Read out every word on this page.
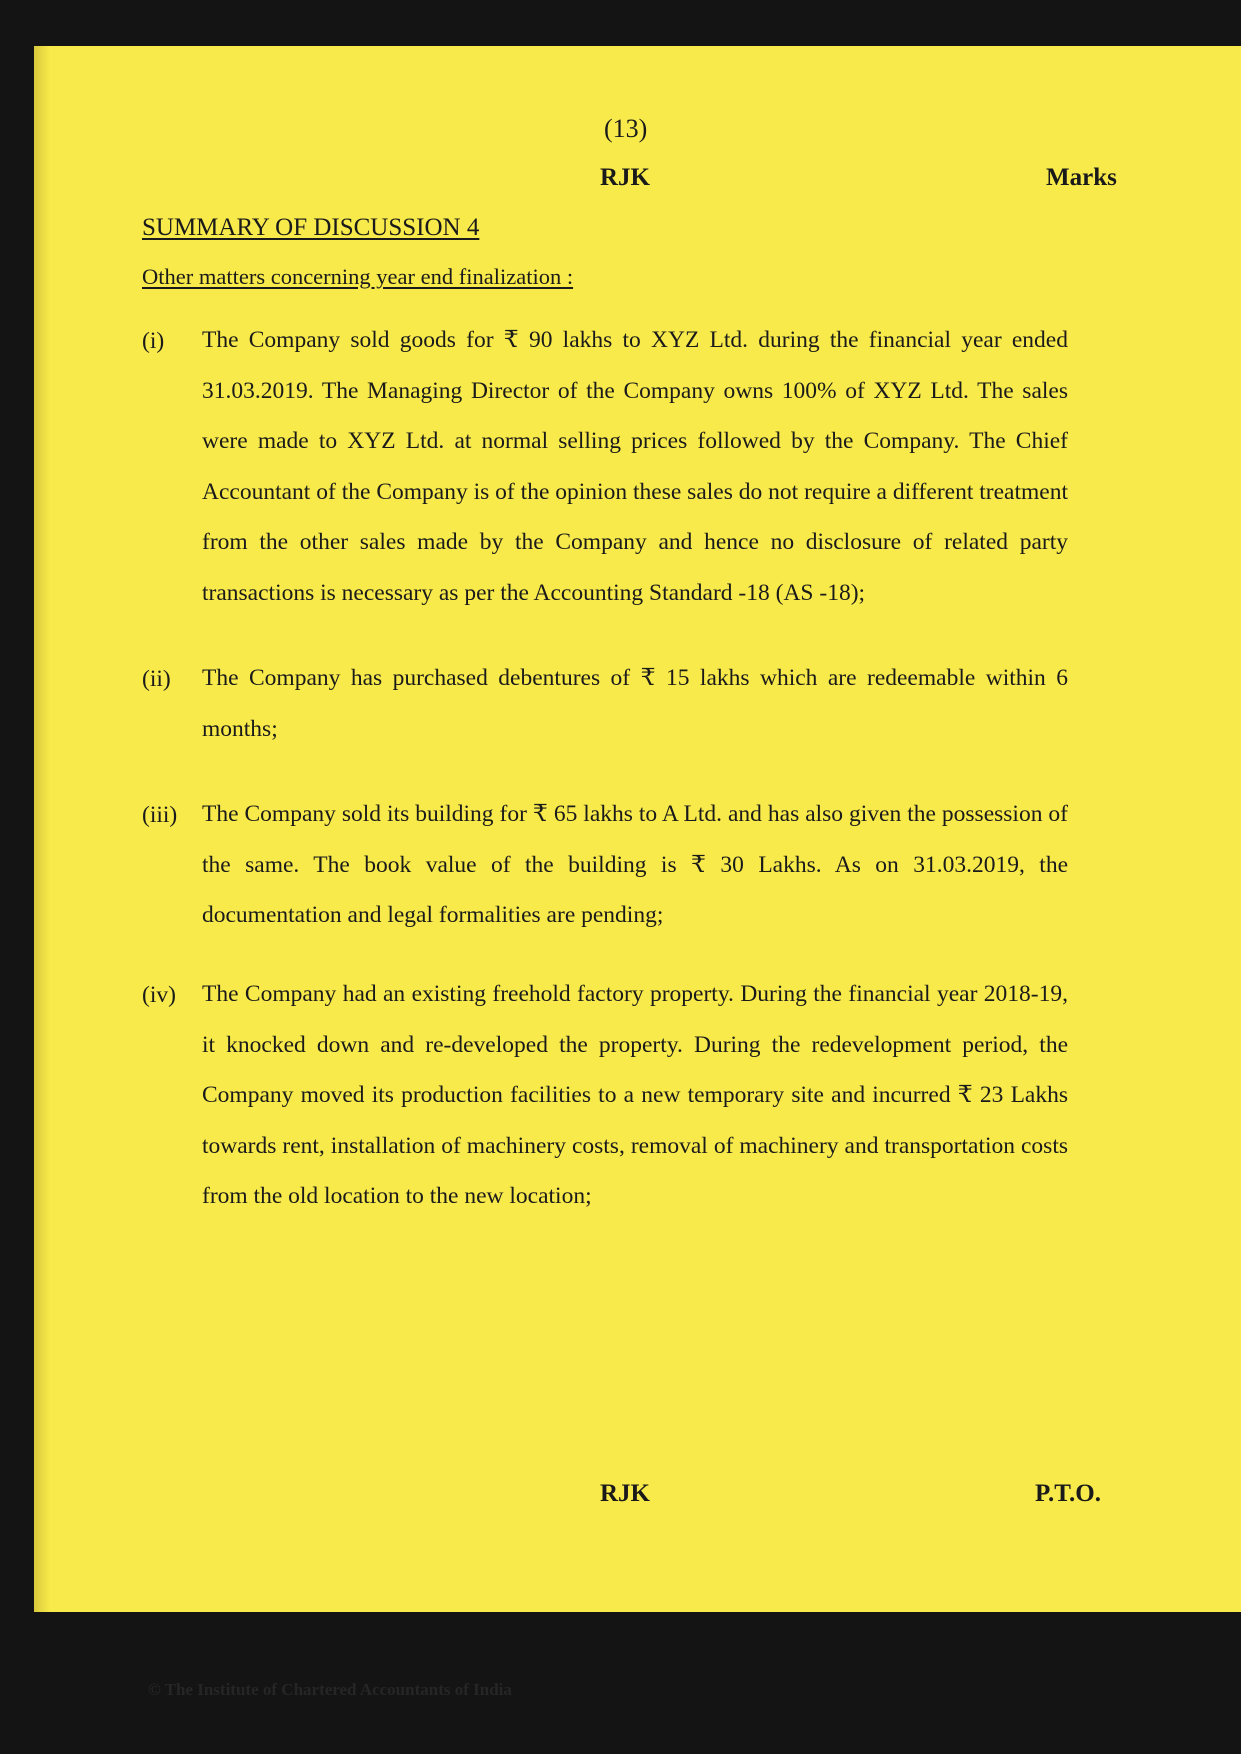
(13)
RJK	Marks
SUMMARY OF DISCUSSION 4
Other matters concerning year end finalization :
(i)	The Company sold goods for ₹ 90 lakhs to XYZ Ltd. during the financial year ended 31.03.2019. The Managing Director of the Company owns 100% of XYZ Ltd. The sales were made to XYZ Ltd. at normal selling prices followed by the Company. The Chief Accountant of the Company is of the opinion these sales do not require a different treatment from the other sales made by the Company and hence no disclosure of related party transactions is necessary as per the Accounting Standard -18 (AS -18);

(ii)	The Company has purchased debentures of ₹ 15 lakhs which are redeemable within 6 months;

(iii)	The Company sold its building for ₹ 65 lakhs to A Ltd. and has also given the possession of the same. The book value of the building is ₹ 30 Lakhs. As on 31.03.2019, the documentation and legal formalities are pending;

(iv)	The Company had an existing freehold factory property. During the financial year 2018-19, it knocked down and re-developed the property. During the redevelopment period, the Company moved its production facilities to a new temporary site and incurred ₹ 23 Lakhs towards rent, installation of machinery costs, removal of machinery and transportation costs from the old location to the new location;

RJK	P.T.O.
© The Institute of Chartered Accountants of India
